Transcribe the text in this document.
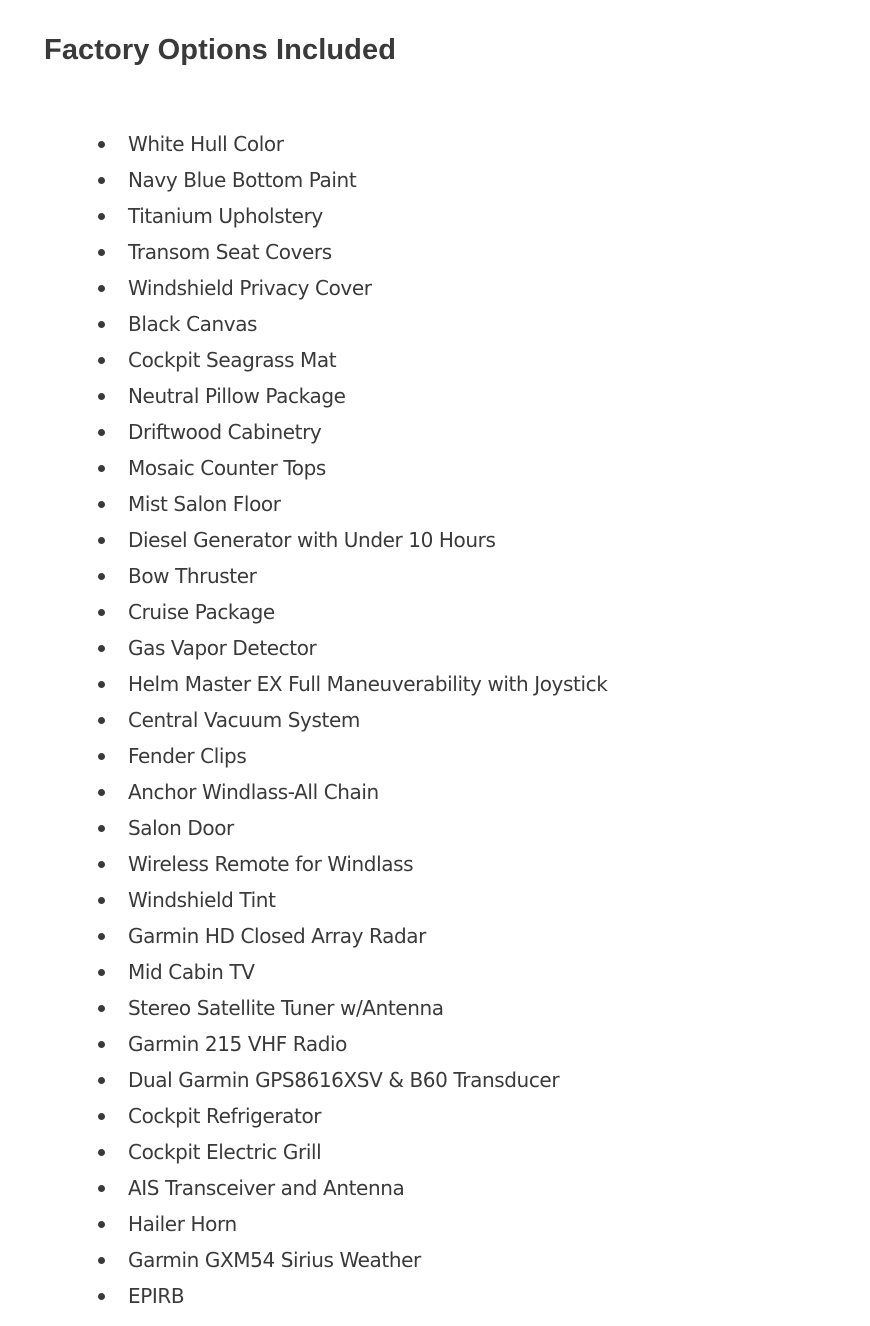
Factory Options Included
White Hull Color
Navy Blue Bottom Paint
Titanium Upholstery
Transom Seat Covers
Windshield Privacy Cover
Black Canvas
Cockpit Seagrass Mat
Neutral Pillow Package
Driftwood Cabinetry
Mosaic Counter Tops
Mist Salon Floor
Diesel Generator with Under 10 Hours
Bow Thruster
Cruise Package
Gas Vapor Detector
Helm Master EX Full Maneuverability with Joystick
Central Vacuum System
Fender Clips
Anchor Windlass-All Chain
Salon Door
Wireless Remote for Windlass
Windshield Tint
Garmin HD Closed Array Radar
Mid Cabin TV
Stereo Satellite Tuner w/Antenna
Garmin 215 VHF Radio
Dual Garmin GPS8616XSV & B60 Transducer
Cockpit Refrigerator
Cockpit Electric Grill
AIS Transceiver and Antenna
Hailer Horn
Garmin GXM54 Sirius Weather
EPIRB
